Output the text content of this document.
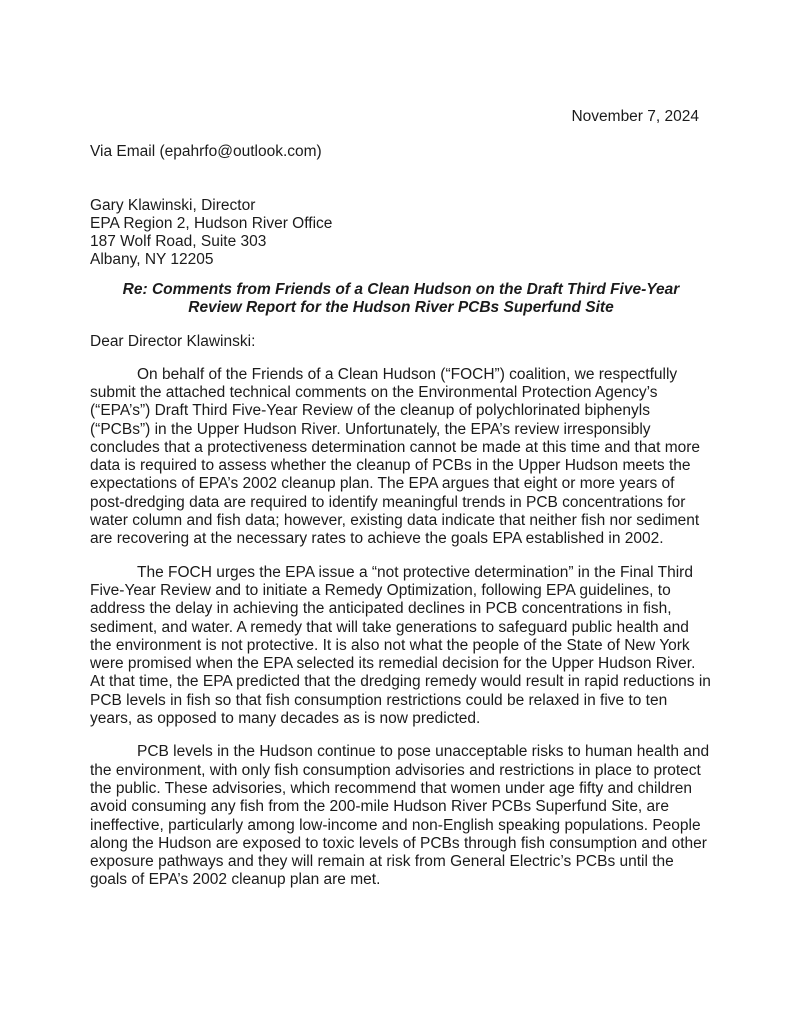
November 7, 2024
Via Email (epahrfo@outlook.com)
Gary Klawinski, Director
EPA Region 2, Hudson River Office
187 Wolf Road, Suite 303
Albany, NY 12205
Re: Comments from Friends of a Clean Hudson on the Draft Third Five-Year
Review Report for the Hudson River PCBs Superfund Site
Dear Director Klawinski:

On behalf of the Friends of a Clean Hudson (“FOCH”) coalition, we respectfully submit the attached technical comments on the Environmental Protection Agency’s (“EPA’s”) Draft Third Five-Year Review of the cleanup of polychlorinated biphenyls (“PCBs”) in the Upper Hudson River. Unfortunately, the EPA’s review irresponsibly concludes that a protectiveness determination cannot be made at this time and that more data is required to assess whether the cleanup of PCBs in the Upper Hudson meets the expectations of EPA’s 2002 cleanup plan. The EPA argues that eight or more years of post-dredging data are required to identify meaningful trends in PCB concentrations for water column and fish data; however, existing data indicate that neither fish nor sediment are recovering at the necessary rates to achieve the goals EPA established in 2002.

The FOCH urges the EPA issue a “not protective determination” in the Final Third Five-Year Review and to initiate a Remedy Optimization, following EPA guidelines, to address the delay in achieving the anticipated declines in PCB concentrations in fish, sediment, and water. A remedy that will take generations to safeguard public health and the environment is not protective. It is also not what the people of the State of New York were promised when the EPA selected its remedial decision for the Upper Hudson River. At that time, the EPA predicted that the dredging remedy would result in rapid reductions in PCB levels in fish so that fish consumption restrictions could be relaxed in five to ten years, as opposed to many decades as is now predicted.

PCB levels in the Hudson continue to pose unacceptable risks to human health and the environment, with only fish consumption advisories and restrictions in place to protect the public. These advisories, which recommend that women under age fifty and children avoid consuming any fish from the 200-mile Hudson River PCBs Superfund Site, are ineffective, particularly among low-income and non-English speaking populations. People along the Hudson are exposed to toxic levels of PCBs through fish consumption and other exposure pathways and they will remain at risk from General Electric’s PCBs until the goals of EPA’s 2002 cleanup plan are met.
